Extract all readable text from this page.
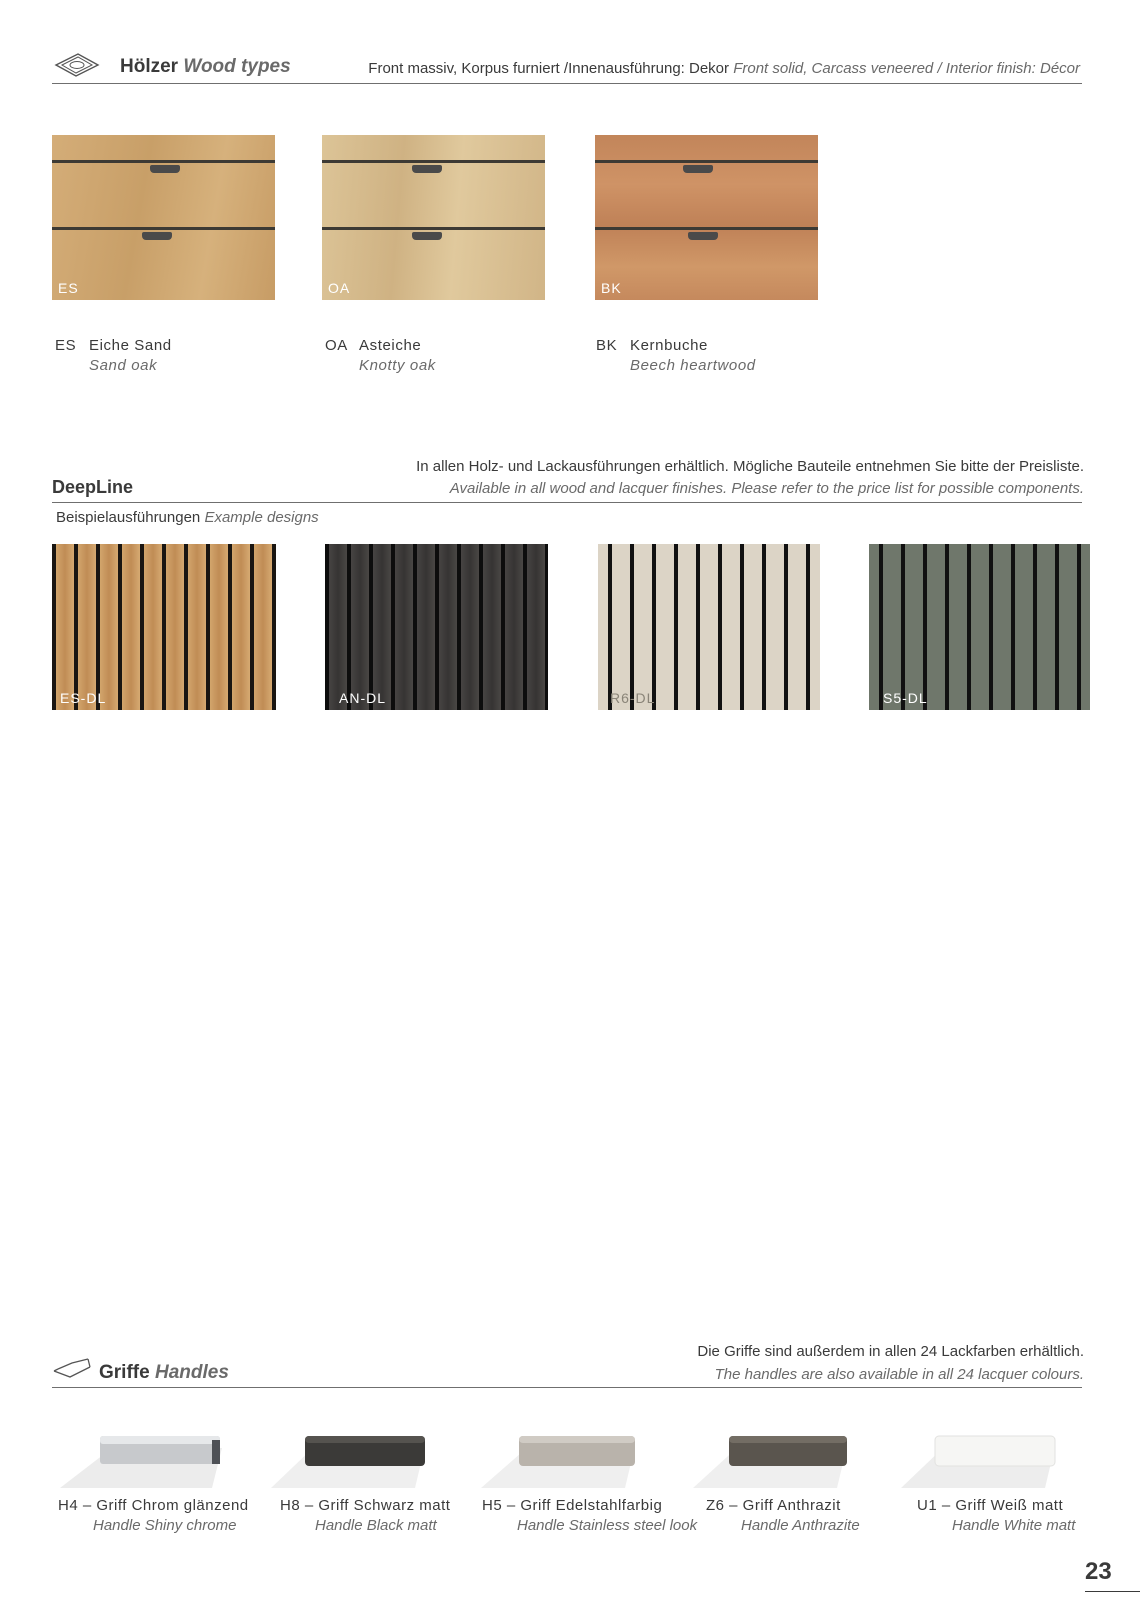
Hölzer Wood types	Front massiv, Korpus furniert /Innenausführung: Dekor Front solid, Carcass veneered / Interior finish: Décor
ES	OA	BK
ES Eiche Sand
Sand oak
OA Asteiche
Knotty oak
BK Kernbuche
Beech heartwood
DeepLine
In allen Holz- und Lackausführungen erhältlich. Mögliche Bauteile entnehmen Sie bitte der Preisliste.
Available in all wood and lacquer finishes. Please refer to the price list for possible components.
Beispielausführungen Example designs
ES-DL	AN-DL	R6-DL	S5-DL
Griffe Handles
Die Griffe sind außerdem in allen 24 Lackfarben erhältlich.
The handles are also available in all 24 lacquer colours.
H4 – Griff Chrom glänzend
Handle Shiny chrome
H8 – Griff Schwarz matt
Handle Black matt
H5 – Griff Edelstahlfarbig
Handle Stainless steel look
Z6 – Griff Anthrazit
Handle Anthrazite
U1 – Griff Weiß matt
Handle White matt
23
